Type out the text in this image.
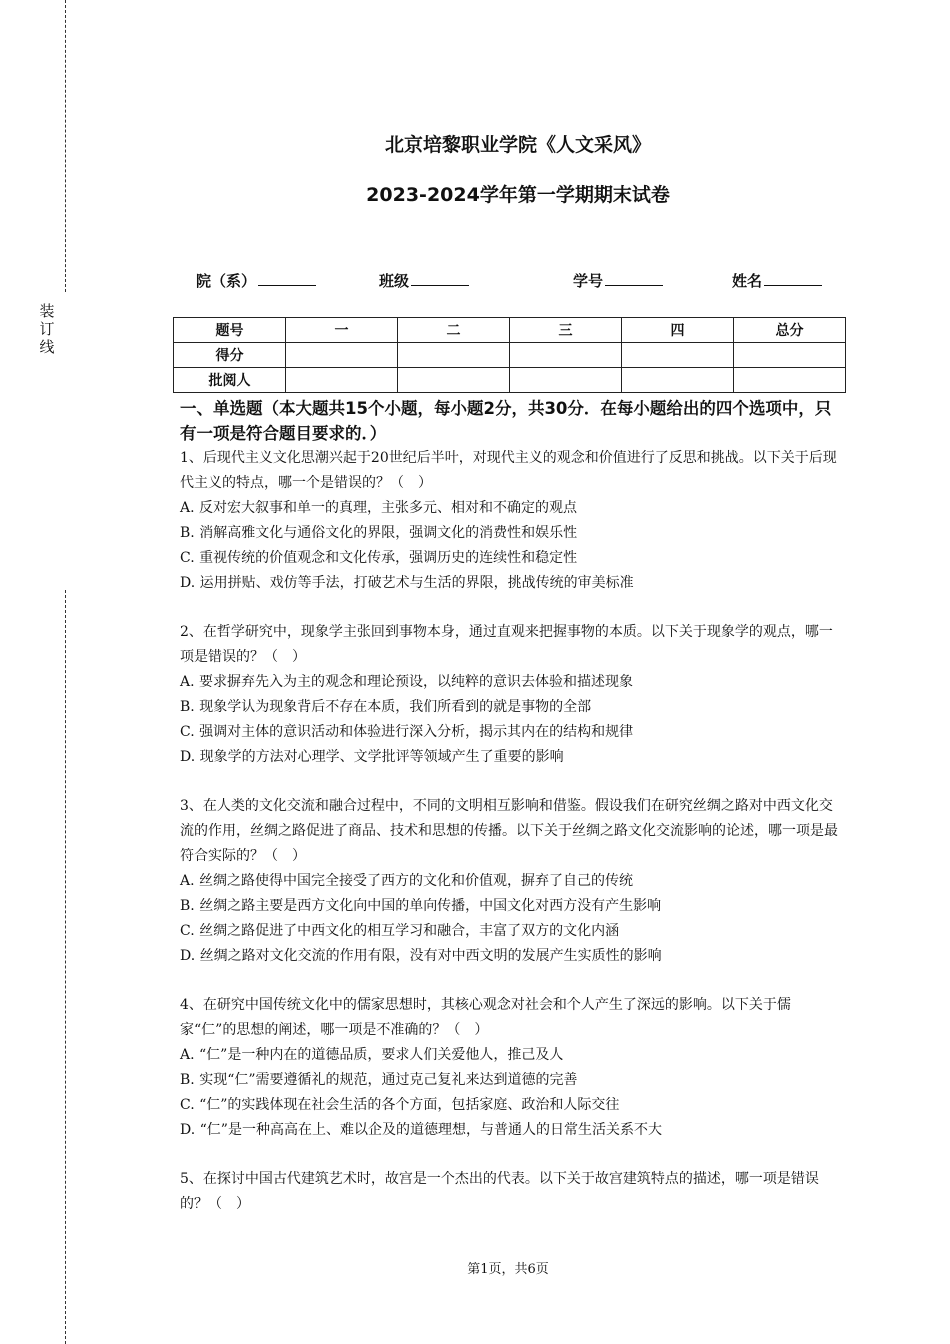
装
订
线
北京培黎职业学院《人文采风》
2023-2024学年第一学期期末试卷
院（系）	班级	学号	姓名
题号	一	二	三	四	总分
得分					
批阅人					

一、单选题（本大题共15个小题，每小题2分，共30分．在每小题给出的四个选项中，只有一项是符合题目要求的．）

1、后现代主义文化思潮兴起于20世纪后半叶，对现代主义的观念和价值进行了反思和挑战。以下关于后现代主义的特点，哪一个是错误的？（　）

A. 反对宏大叙事和单一的真理，主张多元、相对和不确定的观点

B. 消解高雅文化与通俗文化的界限，强调文化的消费性和娱乐性

C. 重视传统的价值观念和文化传承，强调历史的连续性和稳定性

D. 运用拼贴、戏仿等手法，打破艺术与生活的界限，挑战传统的审美标准

2、在哲学研究中，现象学主张回到事物本身，通过直观来把握事物的本质。以下关于现象学的观点，哪一项是错误的？（　）

A. 要求摒弃先入为主的观念和理论预设，以纯粹的意识去体验和描述现象

B. 现象学认为现象背后不存在本质，我们所看到的就是事物的全部

C. 强调对主体的意识活动和体验进行深入分析，揭示其内在的结构和规律

D. 现象学的方法对心理学、文学批评等领域产生了重要的影响

3、在人类的文化交流和融合过程中，不同的文明相互影响和借鉴。假设我们在研究丝绸之路对中西文化交流的作用，丝绸之路促进了商品、技术和思想的传播。以下关于丝绸之路文化交流影响的论述，哪一项是最符合实际的？（　）

A. 丝绸之路使得中国完全接受了西方的文化和价值观，摒弃了自己的传统

B. 丝绸之路主要是西方文化向中国的单向传播，中国文化对西方没有产生影响

C. 丝绸之路促进了中西文化的相互学习和融合，丰富了双方的文化内涵

D. 丝绸之路对文化交流的作用有限，没有对中西文明的发展产生实质性的影响

4、在研究中国传统文化中的儒家思想时，其核心观念对社会和个人产生了深远的影响。以下关于儒家“仁”的思想的阐述，哪一项是不准确的？（　）

A. “仁”是一种内在的道德品质，要求人们关爱他人，推己及人

B. 实现“仁”需要遵循礼的规范，通过克己复礼来达到道德的完善

C. “仁”的实践体现在社会生活的各个方面，包括家庭、政治和人际交往

D. “仁”是一种高高在上、难以企及的道德理想，与普通人的日常生活关系不大

5、在探讨中国古代建筑艺术时，故宫是一个杰出的代表。以下关于故宫建筑特点的描述，哪一项是错误的？（　）

第1页，共6页
